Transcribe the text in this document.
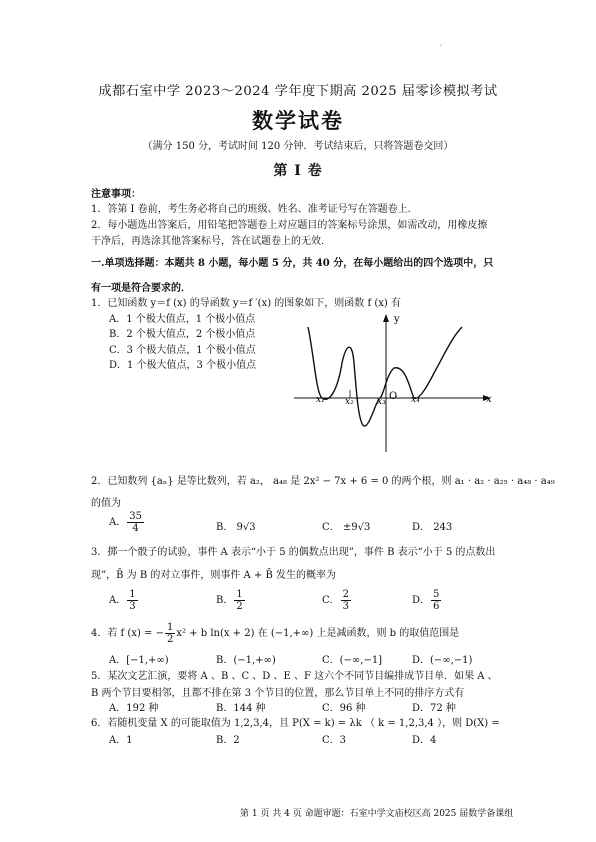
'
成都石室中学 2023～2024 学年度下期高 2025 届零诊模拟考试
数学试卷
（满分 150 分，考试时间 120 分钟．考试结束后，只将答题卷交回）
第 I 卷
注意事项：
1．答第 I 卷前，考生务必将自己的班级、姓名、准考证号写在答题卷上．
2．每小题选出答案后，用铅笔把答题卷上对应题目的答案标号涂黑，如需改动，用橡皮擦
干净后，再选涂其他答案标号，答在试题卷上的无效．
一.单项选择题：本题共 8 小题，每小题 5 分，共 40 分，在每小题给出的四个选项中，只
有一项是符合要求的．
1．已知函数 y＝f (x) 的导函数 y＝f ′(x) 的图象如下，则函数 f (x) 有
A．1 个极大值点，1 个极小值点
B．2 个极大值点，2 个极小值点
C．3 个极大值点，1 个极小值点
D．1 个极大值点，3 个极小值点
x
y
O
x₁ x₂	x₃	x₄
2．已知数列 {aₙ} 是等比数列，若 a₂， a₄₈ 是 2x² − 7x + 6 = 0 的两个根，则 a₁ · a₂ · a₂₅ · a₄₈ · a₄₉
的值为
A． $\frac{35}{4}$	B． 9√3	C． ±9√3	D． 243
3．掷一个骰子的试验，事件 A 表示“小于 5 的偶数点出现”，事件 B 表示“小于 5 的点数出
现”，B̄ 为 B 的对立事件，则事件 A + B̄ 发生的概率为
A． $\frac{1}{3}$	B． $\frac{1}{2}$	C． $\frac{2}{3}$	D． $\frac{5}{6}$
4．若 f (x) = − $\frac{1}{2} x^2 + b$ ln(x + 2) 在 (−1,+∞) 上是减函数，则 b 的取值范围是
A．[−1,+∞)	B．(−1,+∞)	C．(−∞,−1]	D．(−∞,−1)
5．某次文艺汇演，要将 A 、B 、C 、D 、E 、F 这六个不同节目编排成节目单．如果 A 、
B 两个节目要相邻，且都不排在第 3 个节目的位置，那么节目单上不同的排序方式有
A．192 种	B．144 种	C．96 种	D．72 种
6．若随机变量 X 的可能取值为 1,2,3,4，且 P(X = k) = λk （ k = 1,2,3,4 ），则 D(X) =
A．1	B．2	C．3	D．4
第 1 页 共 4 页 命题审题：石室中学文庙校区高 2025 届数学备课组
